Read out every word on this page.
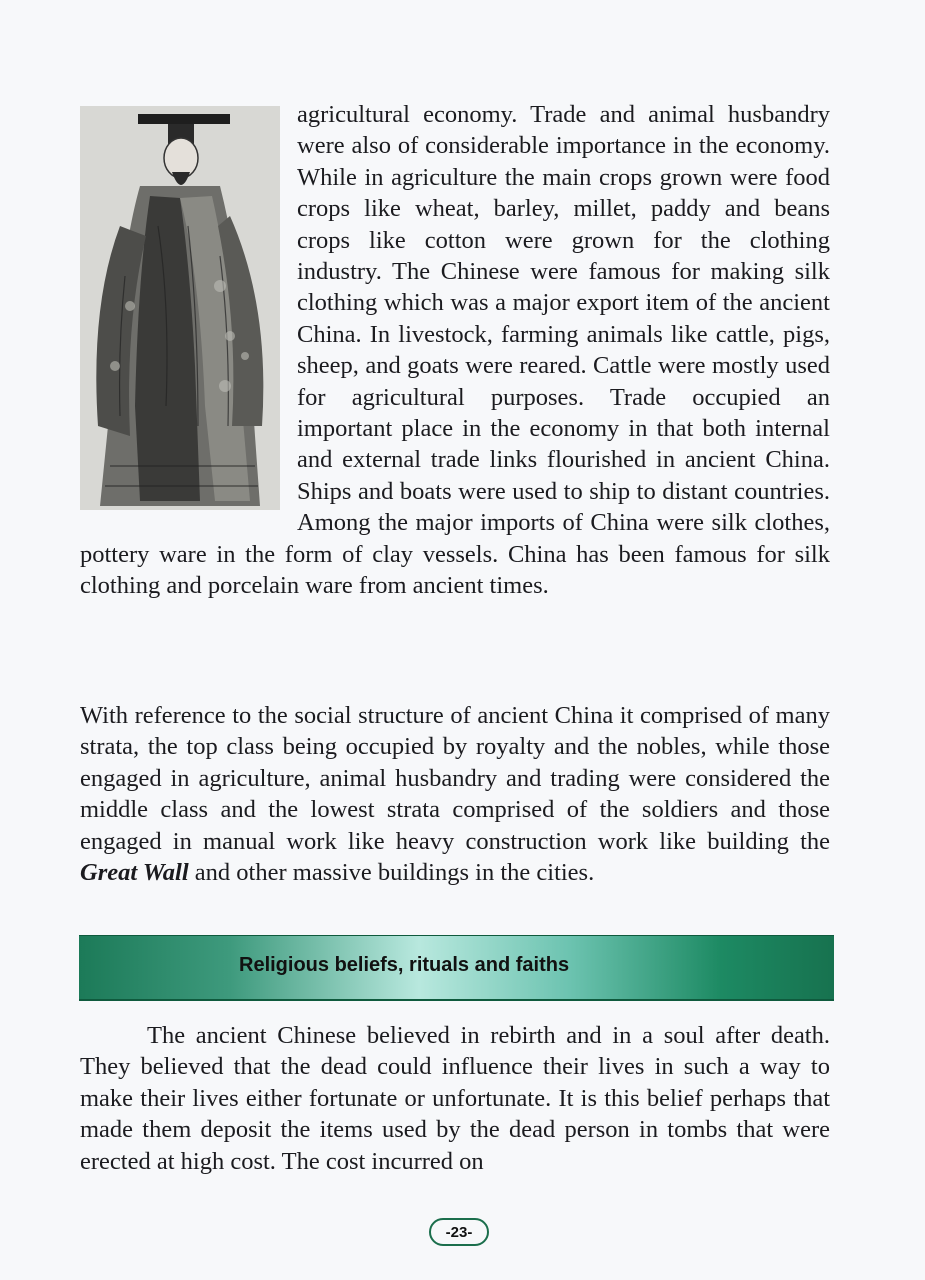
agricultural economy. Trade and animal husbandry were also of considerable importance in the economy. While in agriculture the main crops grown were food crops like wheat, barley, millet, paddy and beans crops like cotton were grown for the clothing industry. The Chinese were famous for making silk clothing which was a major export item of the ancient China. In livestock, farming animals like cattle, pigs, sheep, and goats were reared. Cattle were mostly used for agricultural purposes. Trade occupied an important place in the economy in that both internal and external trade links flourished in ancient China. Ships and boats were used to ship to distant countries. Among the major imports of China were silk clothes, pottery ware in the form of clay vessels. China has been famous for silk clothing and porcelain ware from ancient times.

With reference to the social structure of ancient China it comprised of many strata, the top class being occupied by royalty and the nobles, while those engaged in agriculture, animal husbandry and trading were considered the middle class and the lowest strata comprised of the soldiers and those engaged in manual work like heavy construction work like building the Great Wall and other massive buildings in the cities.

Religious beliefs, rituals and faiths

The ancient Chinese believed in rebirth and in a soul after death. They believed that the dead could influence their lives in such a way to make their lives either fortunate or unfortunate. It is this belief perhaps that made them deposit the items used by the dead person in tombs that were erected at high cost. The cost incurred on

-23-
